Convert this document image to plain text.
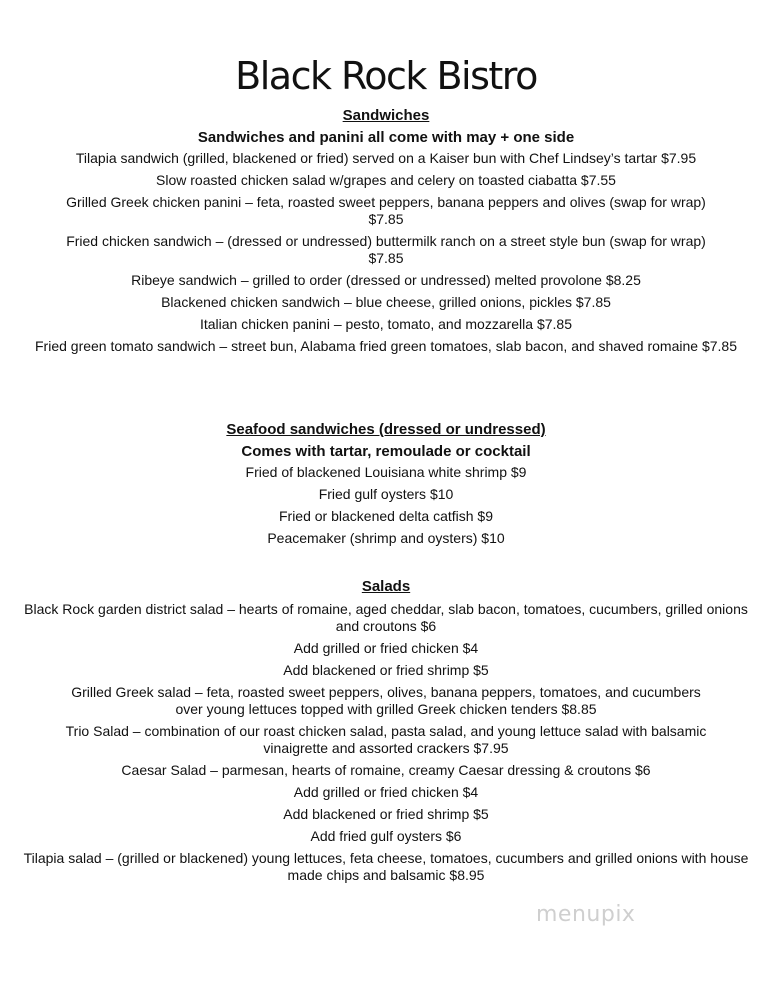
Black Rock Bistro

Sandwiches

Sandwiches and panini all come with may + one side

Tilapia sandwich (grilled, blackened or fried) served on a Kaiser bun with Chef Lindsey’s tartar $7.95

Slow roasted chicken salad w/grapes and celery on toasted ciabatta $7.55

Grilled Greek chicken panini – feta, roasted sweet peppers, banana peppers and olives (swap for wrap) $7.85

Fried chicken sandwich – (dressed or undressed) buttermilk ranch on a street style bun (swap for wrap) $7.85

Ribeye sandwich – grilled to order (dressed or undressed) melted provolone $8.25

Blackened chicken sandwich – blue cheese, grilled onions, pickles $7.85

Italian chicken panini – pesto, tomato, and mozzarella $7.85

Fried green tomato sandwich – street bun, Alabama fried green tomatoes, slab bacon, and shaved romaine $7.85

Seafood sandwiches (dressed or undressed)

Comes with tartar, remoulade or cocktail

Fried of blackened Louisiana white shrimp $9

Fried gulf oysters $10

Fried or blackened delta catfish $9

Peacemaker (shrimp and oysters) $10

Salads

Black Rock garden district salad – hearts of romaine, aged cheddar, slab bacon, tomatoes, cucumbers, grilled onions and croutons $6

Add grilled or fried chicken $4

Add blackened or fried shrimp $5

Grilled Greek salad – feta, roasted sweet peppers, olives, banana peppers, tomatoes, and cucumbers over young lettuces topped with grilled Greek chicken tenders $8.85

Trio Salad – combination of our roast chicken salad, pasta salad, and young lettuce salad with balsamic vinaigrette and assorted crackers $7.95

Caesar Salad – parmesan, hearts of romaine, creamy Caesar dressing & croutons $6

Add grilled or fried chicken $4

Add blackened or fried shrimp $5

Add fried gulf oysters $6

Tilapia salad – (grilled or blackened) young lettuces, feta cheese, tomatoes, cucumbers and grilled onions with house made chips and balsamic $8.95

menupix
